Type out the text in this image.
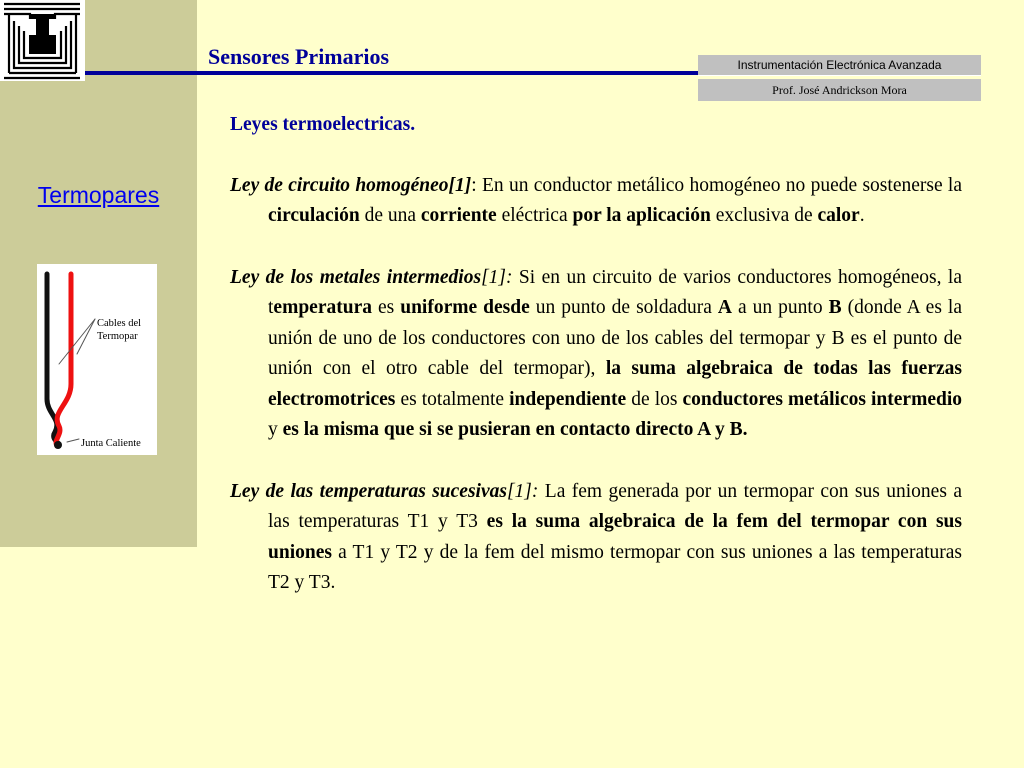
Termopares
Cables del
Termopar
Junta Caliente
Sensores Primarios	Instrumentación Electrónica Avanzada
Prof. José Andrickson Mora

Leyes termoelectricas.

Ley de circuito homogéneo[1]: En un conductor metálico homogéneo no puede sostenerse la circulación de una corriente eléctrica por la aplicación exclusiva de calor.

Ley de los metales intermedios[1]: Si en un circuito de varios conductores homogéneos, la temperatura es uniforme desde un punto de soldadura A a un punto B (donde A es la unión de uno de los conductores con uno de los cables del termopar y B es el punto de unión con el otro cable del termopar), la suma algebraica de todas las fuerzas electromotrices es totalmente independiente de los conductores metálicos intermedio y es la misma que si se pusieran en contacto directo A y B.

Ley de las temperaturas sucesivas[1]: La fem generada por un termopar con sus uniones a las temperaturas T1 y T3 es la suma algebraica de la fem del termopar con sus uniones a T1 y T2 y de la fem del mismo termopar con sus uniones a las temperaturas T2 y T3.
